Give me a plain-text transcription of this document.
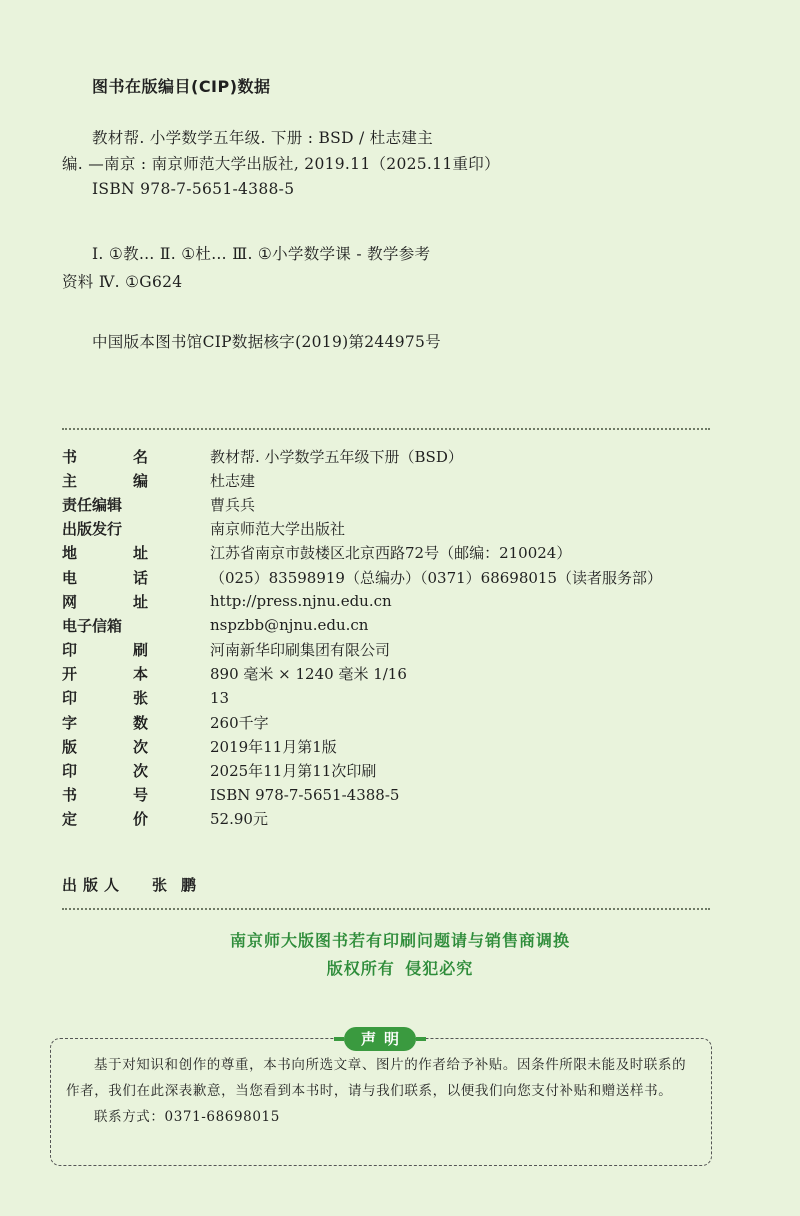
图书在版编目(CIP)数据
教材帮. 小学数学五年级. 下册 : BSD / 杜志建主
编. —南京 : 南京师范大学出版社, 2019.11（2025.11重印）
ISBN 978-7-5651-4388-5
Ⅰ. ①教… Ⅱ. ①杜… Ⅲ. ①小学数学课 - 教学参考
资料 Ⅳ. ①G624
中国版本图书馆CIP数据核字(2019)第244975号
书	名	教材帮. 小学数学五年级下册（BSD）
主	编	杜志建
责任编辑	曹兵兵
出版发行	南京师范大学出版社
地	址	江苏省南京市鼓楼区北京西路72号（邮编：210024）
电	话	（025）83598919（总编办）（0371）68698015（读者服务部）
网	址	http://press.njnu.edu.cn
电子信箱	nspzbb@njnu.edu.cn
印	刷	河南新华印刷集团有限公司
开	本	890 毫米 × 1240 毫米 1/16
印	张	13
字	数	260千字
版	次	2019年11月第1版
印	次	2025年11月第11次印刷
书	号	ISBN 978-7-5651-4388-5
定	价	52.90元
出版人	张鹏
南京师大版图书若有印刷问题请与销售商调换
版权所有 侵犯必究
声明

基于对知识和创作的尊重，本书向所选文章、图片的作者给予补贴。因条件所限未能及时联系的作者，我们在此深表歉意，当您看到本书时，请与我们联系，以便我们向您支付补贴和赠送样书。

联系方式：0371-68698015
